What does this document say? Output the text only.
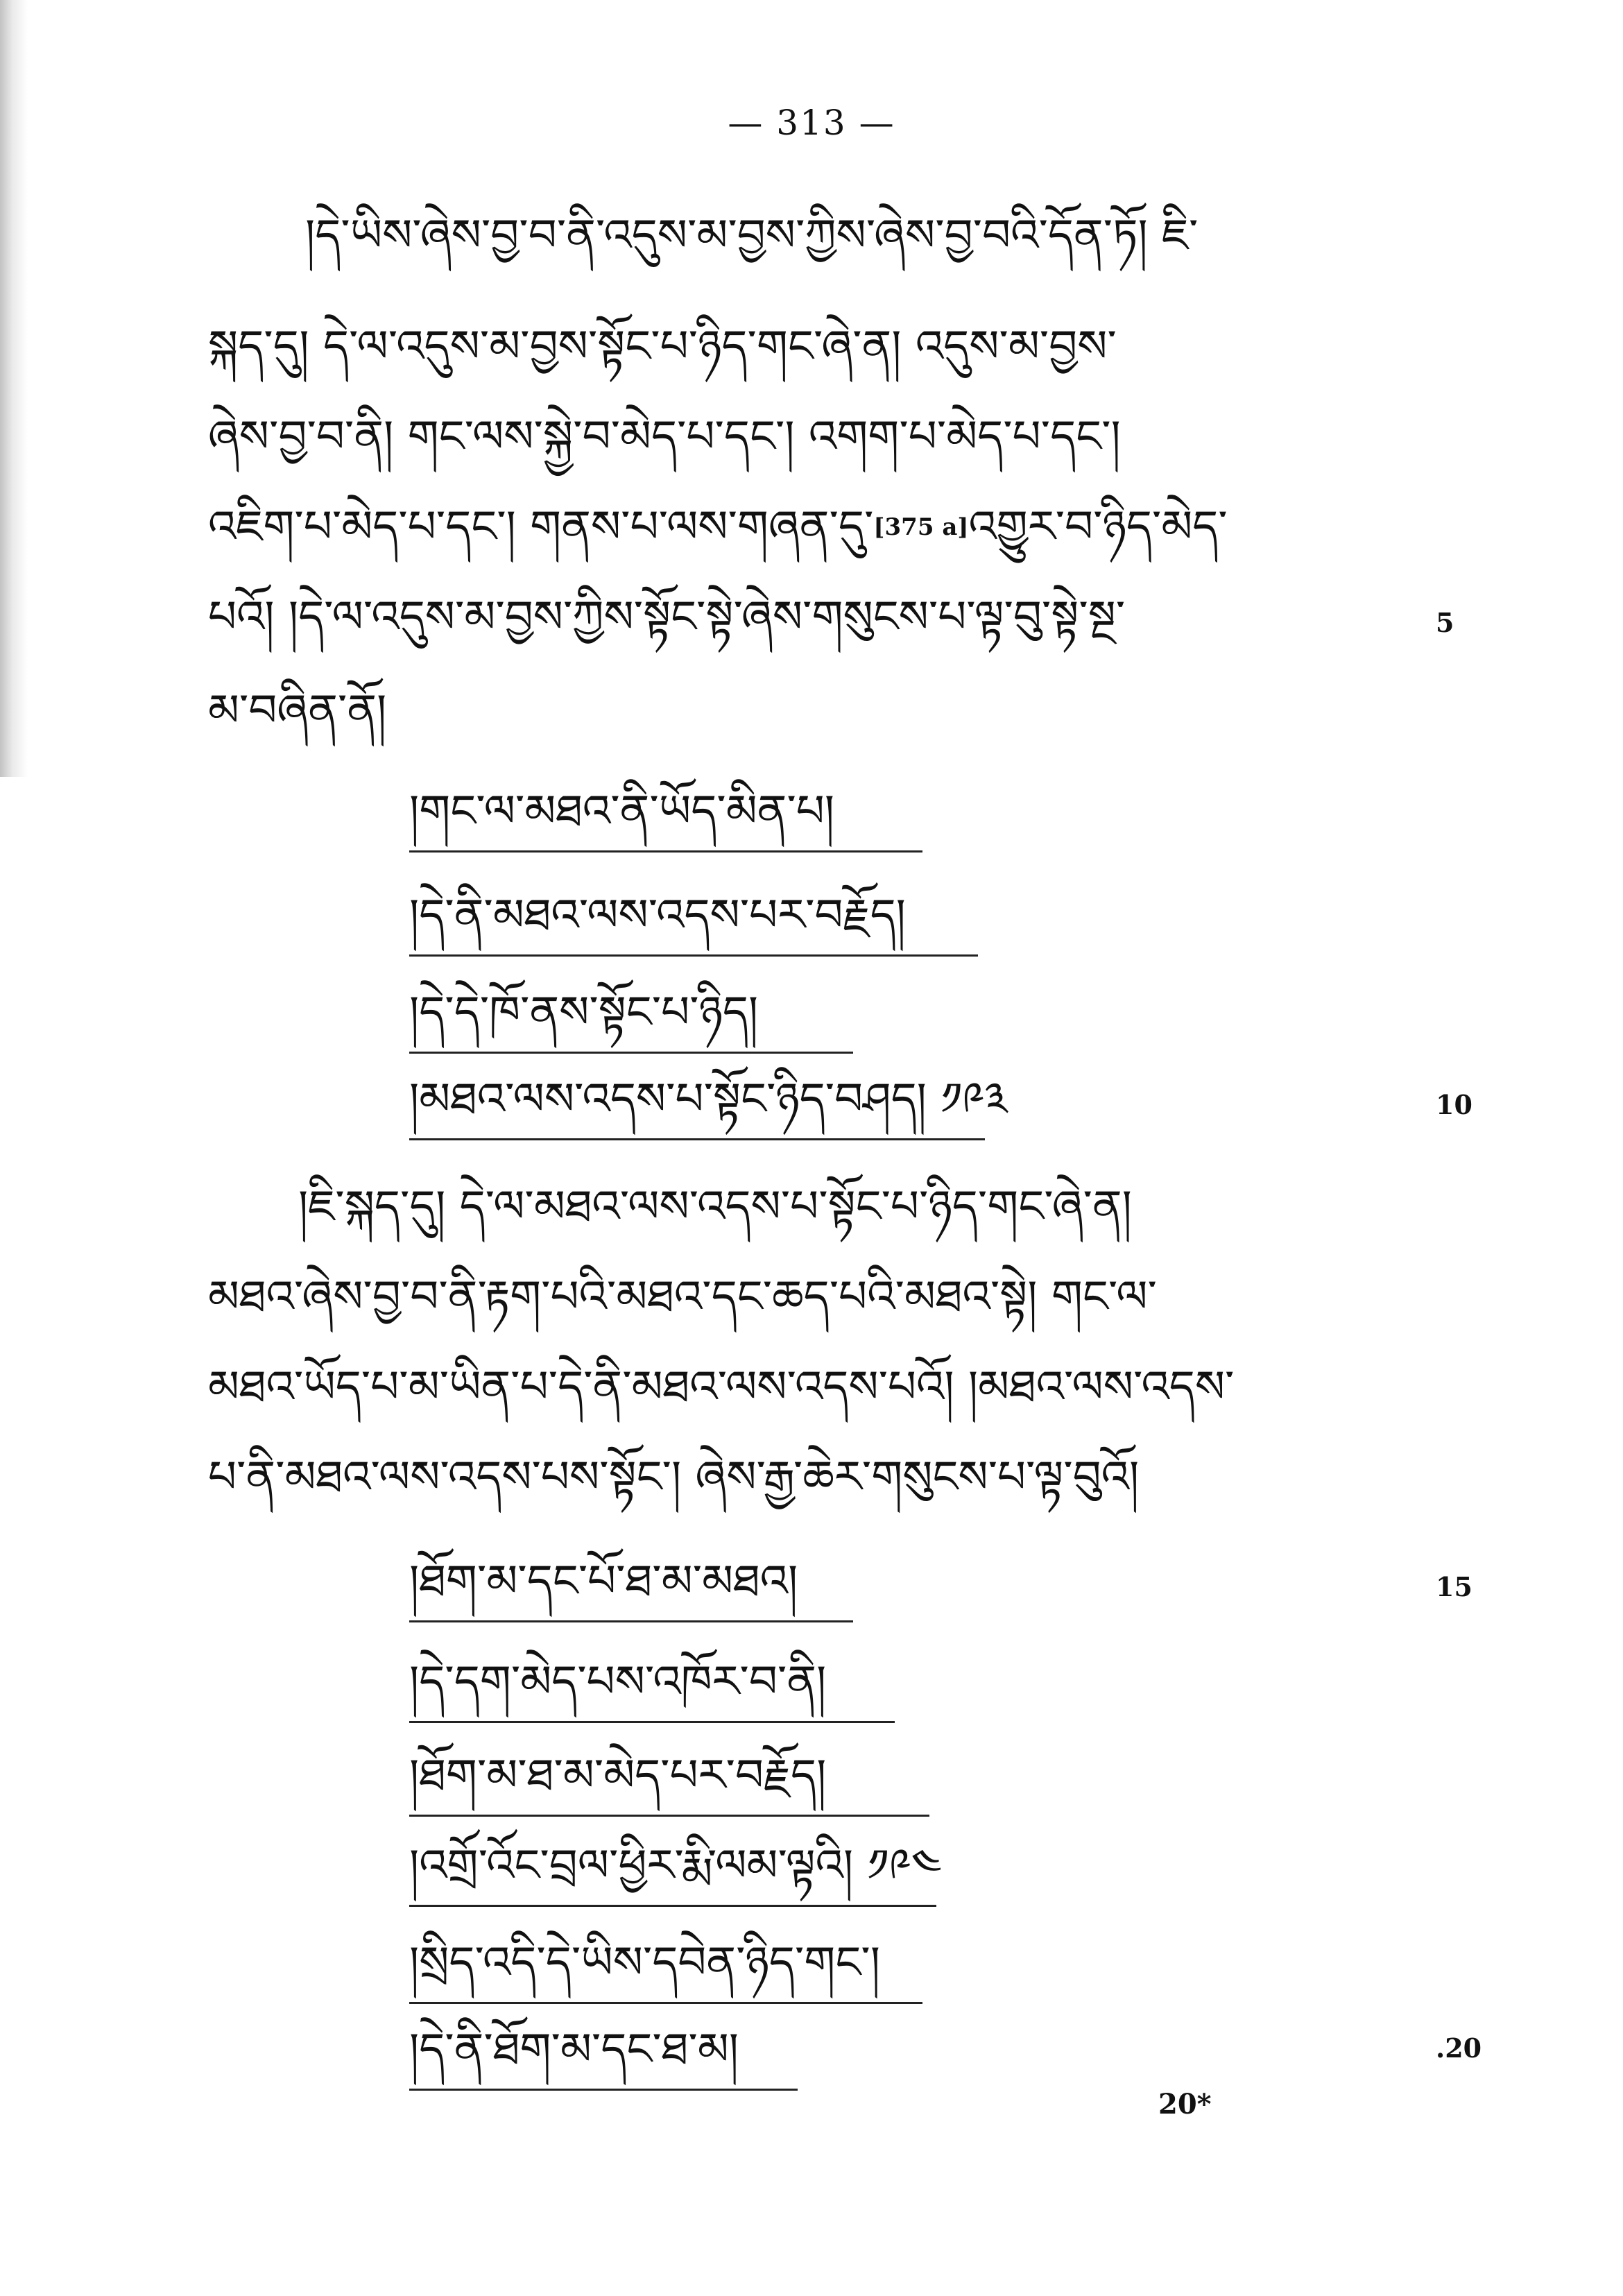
— 313 —
།དེ་ཡིས་ཞེས་བྱ་བ་ནི་འདུས་མ་བྱས་ཀྱིས་ཞེས་བྱ་བའི་དོན་ཏོ། ཇི་
སྐད་དུ། དེ་ལ་འདུས་མ་བྱས་སྟོང་པ་ཉིད་གང་ཞེ་ན། འདུས་མ་བྱས་
ཞེས་བྱ་བ་ནི། གང་ལས་སྐྱེ་བ་མེད་པ་དང་། འགག་པ་མེད་པ་དང་།
འཇིག་པ་མེད་པ་དང་། གནས་པ་ལས་གཞན་དུ་[375 a]འགྱུར་བ་ཉིད་མེད་
པའོ། །དེ་ལ་འདུས་མ་བྱས་ཀྱིས་སྟོང་སྟེ་ཞེས་གསུངས་པ་ལྟ་བུ་སྟེ་སྔ་	5
མ་བཞིན་ནོ།
།གང་ལ་མཐའ་ནི་ཡོད་མིན་པ།
།དེ་ནི་མཐའ་ལས་འདས་པར་བརྗོད།
།དེ་དེ་ཁོ་ནས་སྟོང་པ་ཉིད།
།མཐའ་ལས་འདས་པ་སྟོང་ཉིད་བཤད། ༡༩༣	10
།ཇི་སྐད་དུ། དེ་ལ་མཐའ་ལས་འདས་པ་སྟོང་པ་ཉིད་གང་ཞེ་ན།
མཐའ་ཞེས་བྱ་བ་ནི་རྟག་པའི་མཐའ་དང་ཆད་པའི་མཐའ་སྟེ། གང་ལ་
མཐའ་ཡོད་པ་མ་ཡིན་པ་དེ་ནི་མཐའ་ལས་འདས་པའོ། །མཐའ་ལས་འདས་
པ་ནི་མཐའ་ལས་འདས་པས་སྟོང་། ཞེས་རྒྱ་ཆེར་གསུངས་པ་ལྟ་བུའོ།
།ཐོག་མ་དང་པོ་ཐ་མ་མཐའ།	15
།དེ་དག་མེད་པས་འཁོར་བ་ནི།
།ཐོག་མ་ཐ་མ་མེད་པར་བརྗོད།
།འགྲོ་འོང་བྲལ་ཕྱིར་རྨི་ལམ་ལྟའི། ༡༩༤
།སྲིད་འདི་དེ་ཡིས་དབེན་ཉིད་གང་།
།དེ་ནི་ཐོག་མ་དང་ཐ་མ།	.20
20*
